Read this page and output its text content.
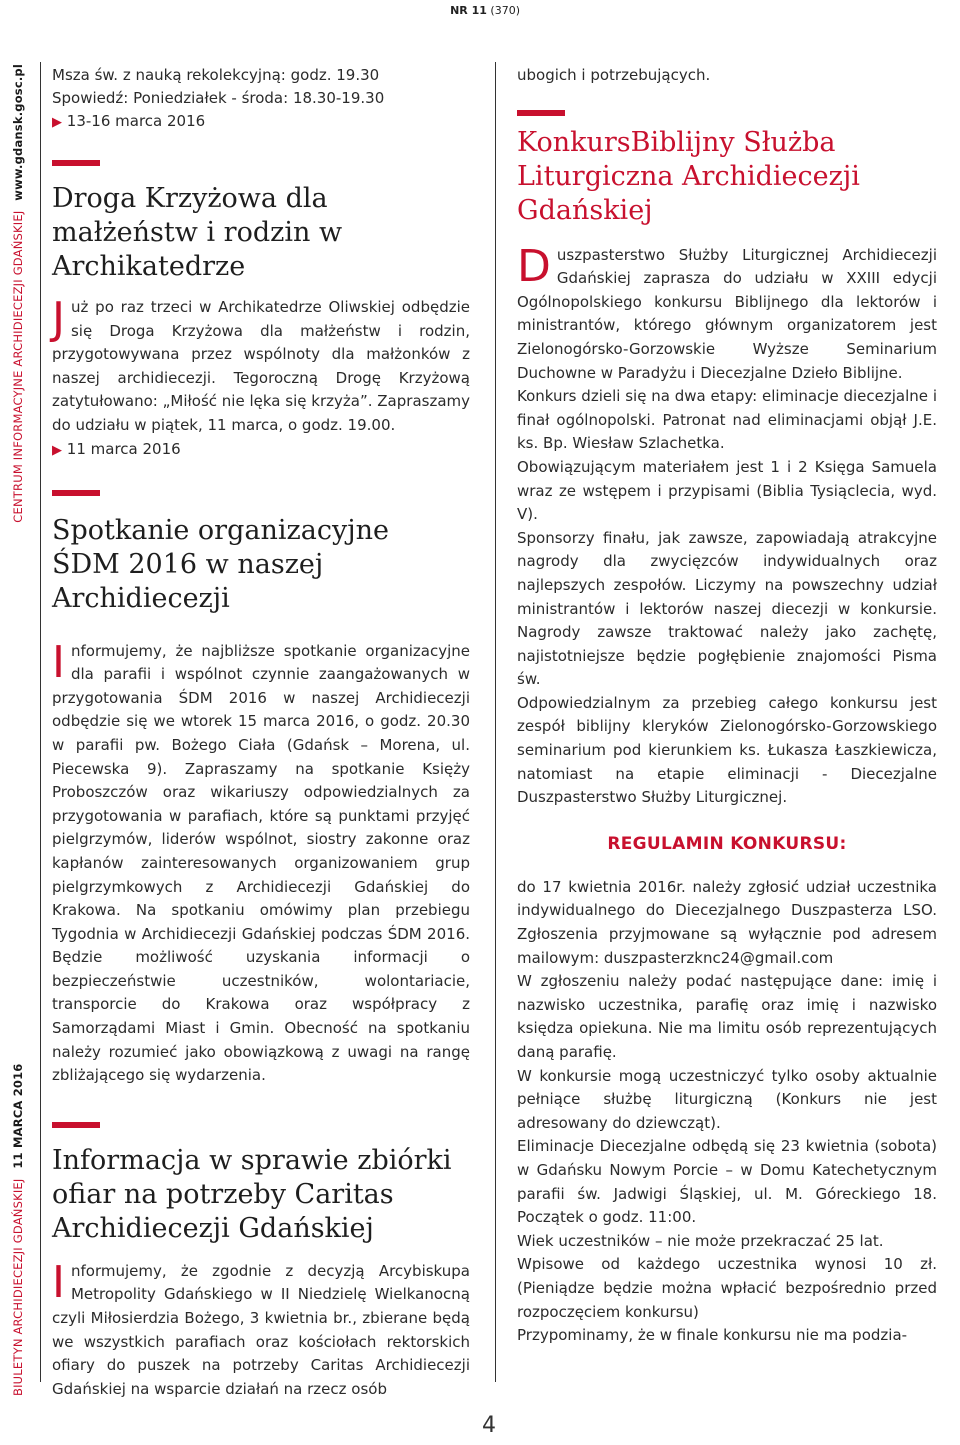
NR 11 (370)
CENTRUM INFORMACYJNE ARCHIDIECEZJI GDAŃSKIEJ www.gdansk.gosc.pl
BIULETYN ARCHIDIECEZJI GDAŃSKIEJ 11 MARCA 2016

Msza św. z nauką rekolekcyjną: godz. 19.30

Spowiedź: Poniedziałek - środa: 18.30-19.30

▶ 13-16 marca 2016

Droga Krzyżowa dla małżeństw i rodzin w Archikatedrze

Już po raz trzeci w Archikatedrze Oliwskiej odbędzie się Droga Krzyżowa dla małżeństw i rodzin, przygotowywana przez wspólnoty dla małżonków z naszej archidiecezji. Tegoroczną Drogę Krzyżową zatytułowano: „Miłość nie lęka się krzyża”. Zapraszamy do udziału w piątek, 11 marca, o godz. 19.00.

▶ 11 marca 2016

Spotkanie organizacyjne ŚDM 2016 w naszej Archidiecezji

Informujemy, że najbliższe spotkanie organizacyjne dla parafii i wspólnot czynnie zaangażowanych w przygotowania ŚDM 2016 w naszej Archidiecezji odbędzie się we wtorek 15 marca 2016, o godz. 20.30 w parafii pw. Bożego Ciała (Gdańsk – Morena, ul. Piecewska 9). Zapraszamy na spotkanie Księży Proboszczów oraz wikariuszy odpowiedzialnych za przygotowania w parafiach, które są punktami przyjęć pielgrzymów, liderów wspólnot, siostry zakonne oraz kapłanów zainteresowanych organizowaniem grup pielgrzymkowych z Archidiecezji Gdańskiej do Krakowa. Na spotkaniu omówimy plan przebiegu Tygodnia w Archidiecezji Gdańskiej podczas ŚDM 2016. Będzie możliwość uzyskania informacji o bezpieczeństwie uczestników, wolontariacie, transporcie do Krakowa oraz współpracy z Samorządami Miast i Gmin. Obecność na spotkaniu należy rozumieć jako obowiązkową z uwagi na rangę zbliżającego się wydarzenia.

Informacja w sprawie zbiórki ofiar na potrzeby Caritas Archidiecezji Gdańskiej

Informujemy, że zgodnie z decyzją Arcybiskupa Metropolity Gdańskiego w II Niedzielę Wielkanocną czyli Miłosierdzia Bożego, 3 kwietnia br., zbierane będą we wszystkich parafiach oraz kościołach rektorskich ofiary do puszek na potrzeby Caritas Archidiecezji Gdańskiej na wsparcie działań na rzecz osób

ubogich i potrzebujących.

KonkursBiblijny Służba Liturgiczna Archidiecezji Gdańskiej

Duszpasterstwo Służby Liturgicznej Archidiecezji Gdańskiej zaprasza do udziału w XXIII edycji Ogólnopolskiego konkursu Biblijnego dla lektorów i ministrantów, którego głównym organizatorem jest Zielonogórsko-Gorzowskie Wyższe Seminarium Duchowne w Paradyżu i Diecezjalne Dzieło Biblijne.

Konkurs dzieli się na dwa etapy: eliminacje diecezjalne i finał ogólnopolski. Patronat nad eliminacjami objął J.E. ks. Bp. Wiesław Szlachetka.

Obowiązującym materiałem jest 1 i 2 Księga Samuela wraz ze wstępem i przypisami (Biblia Tysiąclecia, wyd. V).

Sponsorzy finału, jak zawsze, zapowiadają atrakcyjne nagrody dla zwycięzców indywidualnych oraz najlepszych zespołów. Liczymy na powszechny udział ministrantów i lektorów naszej diecezji w konkursie. Nagrody zawsze traktować należy jako zachętę, najistotniejsze będzie pogłębienie znajomości Pisma św.

Odpowiedzialnym za przebieg całego konkursu jest zespół biblijny kleryków Zielonogórsko-Gorzowskiego seminarium pod kierunkiem ks. Łukasza Łaszkiewicza, natomiast na etapie eliminacji - Diecezjalne Duszpasterstwo Służby Liturgicznej.

REGULAMIN KONKURSU:

do 17 kwietnia 2016r. należy zgłosić udział uczestnika indywidualnego do Diecezjalnego Duszpasterza LSO. Zgłoszenia przyjmowane są wyłącznie pod adresem mailowym: duszpasterzknc24@gmail.com

W zgłoszeniu należy podać następujące dane: imię i nazwisko uczestnika, parafię oraz imię i nazwisko księdza opiekuna. Nie ma limitu osób reprezentujących daną parafię.

W konkursie mogą uczestniczyć tylko osoby aktualnie pełniące służbę liturgiczną (Konkurs nie jest adresowany do dziewcząt).

Eliminacje Diecezjalne odbędą się 23 kwietnia (sobota) w Gdańsku Nowym Porcie – w Domu Katechetycznym parafii św. Jadwigi Śląskiej, ul. M. Góreckiego 18. Początek o godz. 11:00.

Wiek uczestników – nie może przekraczać 25 lat.

Wpisowe od każdego uczestnika wynosi 10 zł. (Pieniądze będzie można wpłacić bezpośrednio przed rozpoczęciem konkursu)

Przypominamy, że w finale konkursu nie ma podzia-

4
